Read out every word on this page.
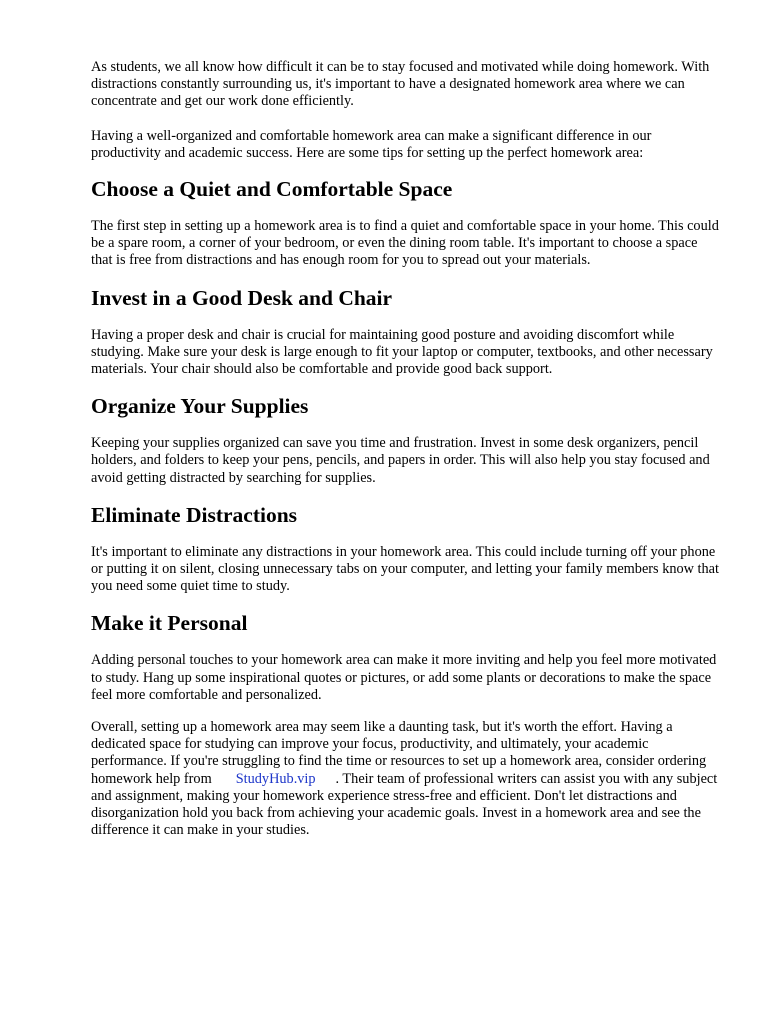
As students, we all know how difficult it can be to stay focused and motivated while doing homework. With distractions constantly surrounding us, it's important to have a designated homework area where we can concentrate and get our work done efficiently.

Having a well-organized and comfortable homework area can make a significant difference in our productivity and academic success. Here are some tips for setting up the perfect homework area:

Choose a Quiet and Comfortable Space

The first step in setting up a homework area is to find a quiet and comfortable space in your home. This could be a spare room, a corner of your bedroom, or even the dining room table. It's important to choose a space that is free from distractions and has enough room for you to spread out your materials.

Invest in a Good Desk and Chair

Having a proper desk and chair is crucial for maintaining good posture and avoiding discomfort while studying. Make sure your desk is large enough to fit your laptop or computer, textbooks, and other necessary materials. Your chair should also be comfortable and provide good back support.

Organize Your Supplies

Keeping your supplies organized can save you time and frustration. Invest in some desk organizers, pencil holders, and folders to keep your pens, pencils, and papers in order. This will also help you stay focused and avoid getting distracted by searching for supplies.

Eliminate Distractions

It's important to eliminate any distractions in your homework area. This could include turning off your phone or putting it on silent, closing unnecessary tabs on your computer, and letting your family members know that you need some quiet time to study.

Make it Personal

Adding personal touches to your homework area can make it more inviting and help you feel more motivated to study. Hang up some inspirational quotes or pictures, or add some plants or decorations to make the space feel more comfortable and personalized.

Overall, setting up a homework area may seem like a daunting task, but it's worth the effort. Having a dedicated space for studying can improve your focus, productivity, and ultimately, your academic performance. If you're struggling to find the time or resources to set up a homework area, consider ordering homework help from StudyHub.vip . Their team of professional writers can assist you with any subject and assignment, making your homework experience stress-free and efficient. Don't let distractions and disorganization hold you back from achieving your academic goals. Invest in a homework area and see the difference it can make in your studies.
